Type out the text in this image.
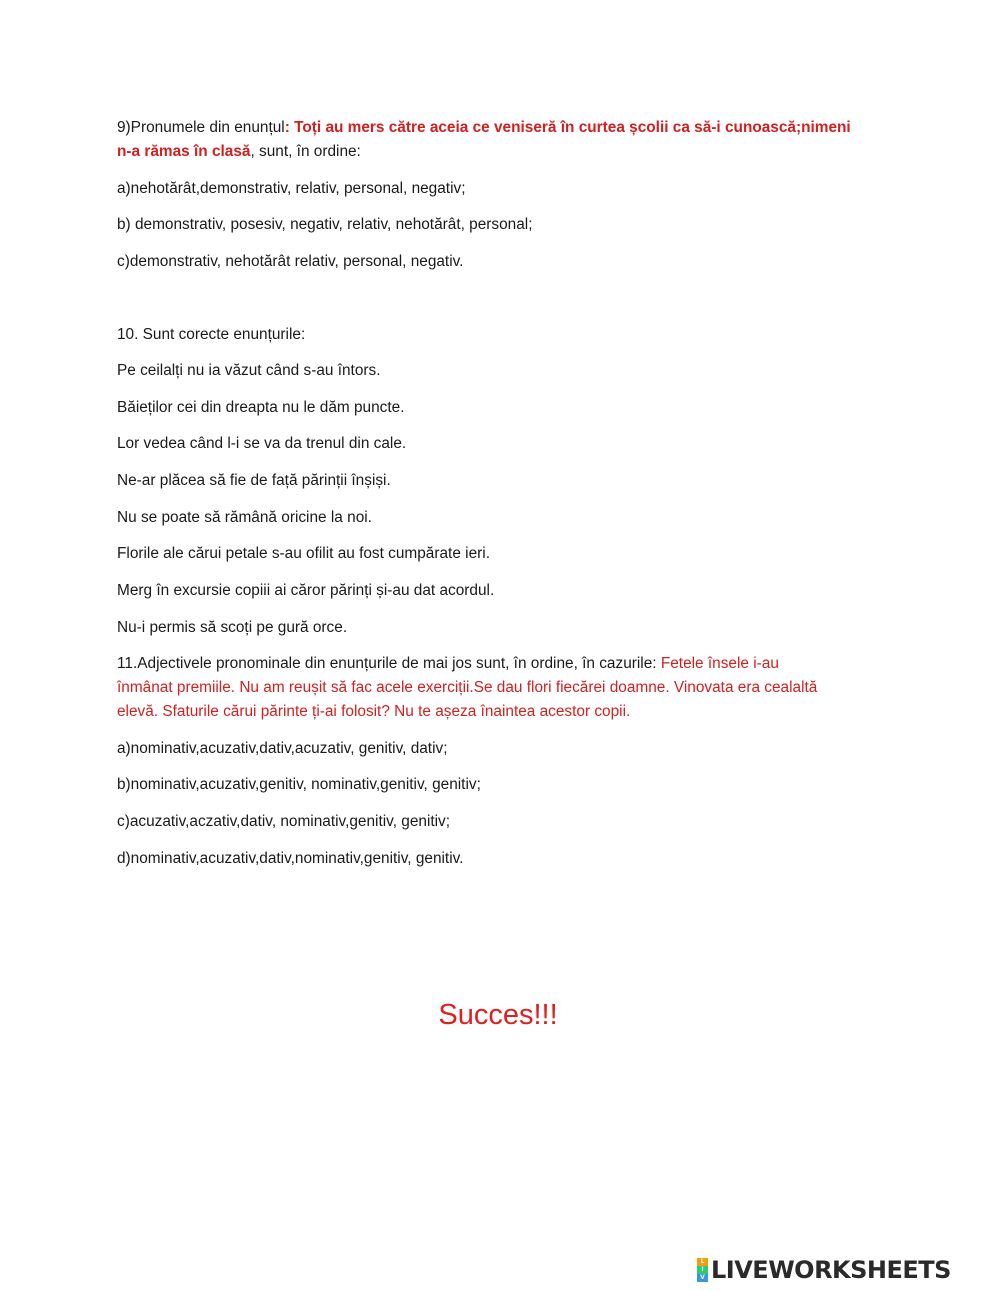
9)Pronumele din enunțul: Toți au mers către aceia ce veniseră în curtea școlii ca să-i cunoască;nimeni
n-a rămas în clasă, sunt, în ordine:
a)nehotărât,demonstrativ, relativ, personal, negativ;
b) demonstrativ, posesiv, negativ, relativ, nehotărât, personal;
c)demonstrativ, nehotărât relativ, personal, negativ.
10. Sunt corecte enunțurile:
Pe ceilalți nu ia văzut când s-au întors.
Băieților cei din dreapta nu le dăm puncte.
Lor vedea când l-i se va da trenul din cale.
Ne-ar plăcea să fie de față părinții înșiși.
Nu se poate să rămână oricine la noi.
Florile ale cărui petale s-au ofilit au fost cumpărate ieri.
Merg în excursie copiii ai căror părinți și-au dat acordul.
Nu-i permis să scoți pe gură orce.
11.Adjectivele pronominale din enunțurile de mai jos sunt, în ordine, în cazurile: Fetele însele i-au
înmânat premiile. Nu am reușit să fac acele exerciții.Se dau flori fiecărei doamne. Vinovata era cealaltă
elevă. Sfaturile cărui părinte ți-ai folosit? Nu te așeza înaintea acestor copii.
a)nominativ,acuzativ,dativ,acuzativ, genitiv, dativ;
b)nominativ,acuzativ,genitiv, nominativ,genitiv, genitiv;
c)acuzativ,aczativ,dativ, nominativ,genitiv, genitiv;
d)nominativ,acuzativ,dativ,nominativ,genitiv, genitiv.
Succes!!!
L
I
V LIVEWORKSHEETS
